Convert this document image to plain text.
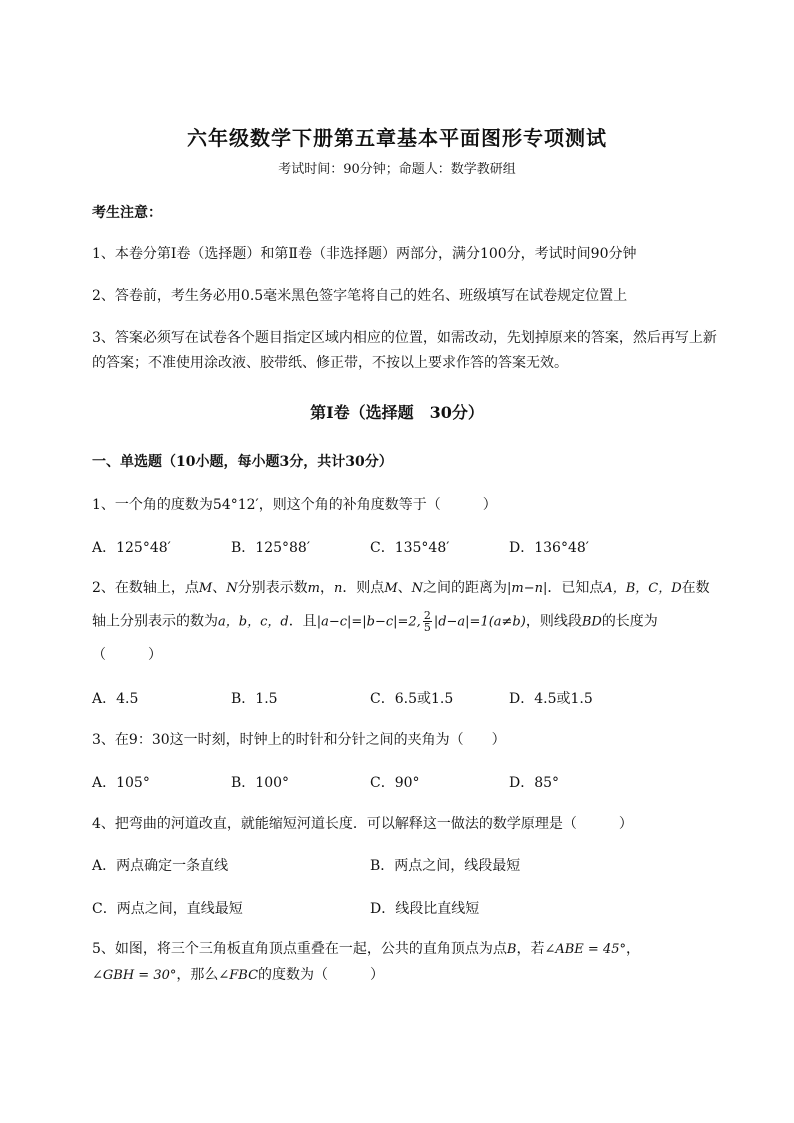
六年级数学下册第五章基本平面图形专项测试
考试时间：90分钟；命题人：数学教研组
考生注意：
1、本卷分第I卷（选择题）和第Ⅱ卷（非选择题）两部分，满分100分，考试时间90分钟
2、答卷前，考生务必用0.5毫米黑色签字笔将自己的姓名、班级填写在试卷规定位置上
3、答案必须写在试卷各个题目指定区域内相应的位置，如需改动，先划掉原来的答案，然后再写上新
的答案；不准使用涂改液、胶带纸、修正带，不按以上要求作答的答案无效。
第I卷（选择题　30分）
一、单选题（10小题，每小题3分，共计30分）
1、一个角的度数为54°12′，则这个角的补角度数等于（　　　）
A．125°48′	B．125°88′	C．135°48′	D．136°48′
2、在数轴上，点M、N分别表示数m，n．则点M、N之间的距离为|m−n|．已知点A，B，C，D在数
轴上分别表示的数为a，b，c，d．且|a−c|=|b−c|=2, $\frac{2}{5} |d-a|=1(a\ne b)$，则线段BD的长度为
（　　　）
A．4.5	B．1.5	C．6.5或1.5	D．4.5或1.5
3、在9：30这一时刻，时钟上的时针和分针之间的夹角为（　　）
A．105°	B．100°	C．90°	D．85°
4、把弯曲的河道改直，就能缩短河道长度．可以解释这一做法的数学原理是（　　　）
A．两点确定一条直线	B．两点之间，线段最短
C．两点之间，直线最短	D．线段比直线短
5、如图，将三个三角板直角顶点重叠在一起，公共的直角顶点为点B，若∠ABE = 45°，
∠GBH = 30°，那么∠FBC的度数为（　　　）
